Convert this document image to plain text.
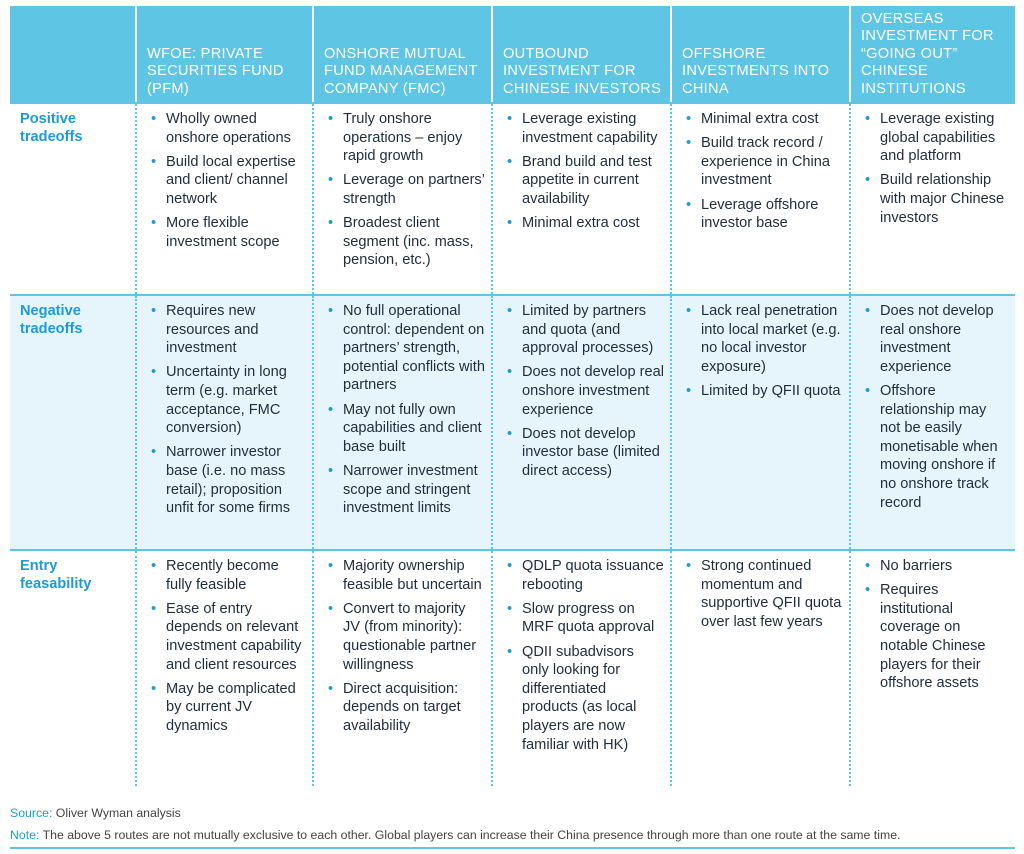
WFOE: PRIVATE SECURITIES FUND (PFM)
ONSHORE MUTUAL FUND MANAGEMENT COMPANY (FMC)
OUTBOUND INVESTMENT FOR CHINESE INVESTORS
OFFSHORE INVESTMENTS INTO CHINA
OVERSEAS INVESTMENT FOR “GOING OUT” CHINESE INSTITUTIONS
Positive tradeoffs
• Wholly owned onshore operations
• Build local expertise and client/ channel network
• More flexible investment scope
• Truly onshore operations – enjoy rapid growth
• Leverage on partners’ strength
• Broadest client segment (inc. mass, pension, etc.)
• Leverage existing investment capability
• Brand build and test appetite in current availability
• Minimal extra cost
• Minimal extra cost
• Build track record / experience in China investment
• Leverage offshore investor base
• Leverage existing global capabilities and platform
• Build relationship with major Chinese investors
Negative tradeoffs
• Requires new resources and investment
• Uncertainty in long term (e.g. market acceptance, FMC conversion)
• Narrower investor base (i.e. no mass retail); proposition unfit for some firms
• No full operational control: dependent on partners’ strength, potential conflicts with partners
• May not fully own capabilities and client base built
• Narrower investment scope and stringent investment limits
• Limited by partners and quota (and approval processes)
• Does not develop real onshore investment experience
• Does not develop investor base (limited direct access)
• Lack real penetration into local market (e.g. no local investor exposure)
• Limited by QFII quota
• Does not develop real onshore investment experience
• Offshore relationship may not be easily monetisable when moving onshore if no onshore track record
Entry feasability
• Recently become fully feasible
• Ease of entry depends on relevant investment capability and client resources
• May be complicated by current JV dynamics
• Majority ownership feasible but uncertain
• Convert to majority JV (from minority): questionable partner willingness
• Direct acquisition: depends on target availability
• QDLP quota issuance rebooting
• Slow progress on MRF quota approval
• QDII subadvisors only looking for differentiated products (as local players are now familiar with HK)
• Strong continued momentum and supportive QFII quota over last few years
• No barriers
• Requires institutional coverage on notable Chinese players for their offshore assets
Source: Oliver Wyman analysis
Note: The above 5 routes are not mutually exclusive to each other. Global players can increase their China presence through more than one route at the same time.
